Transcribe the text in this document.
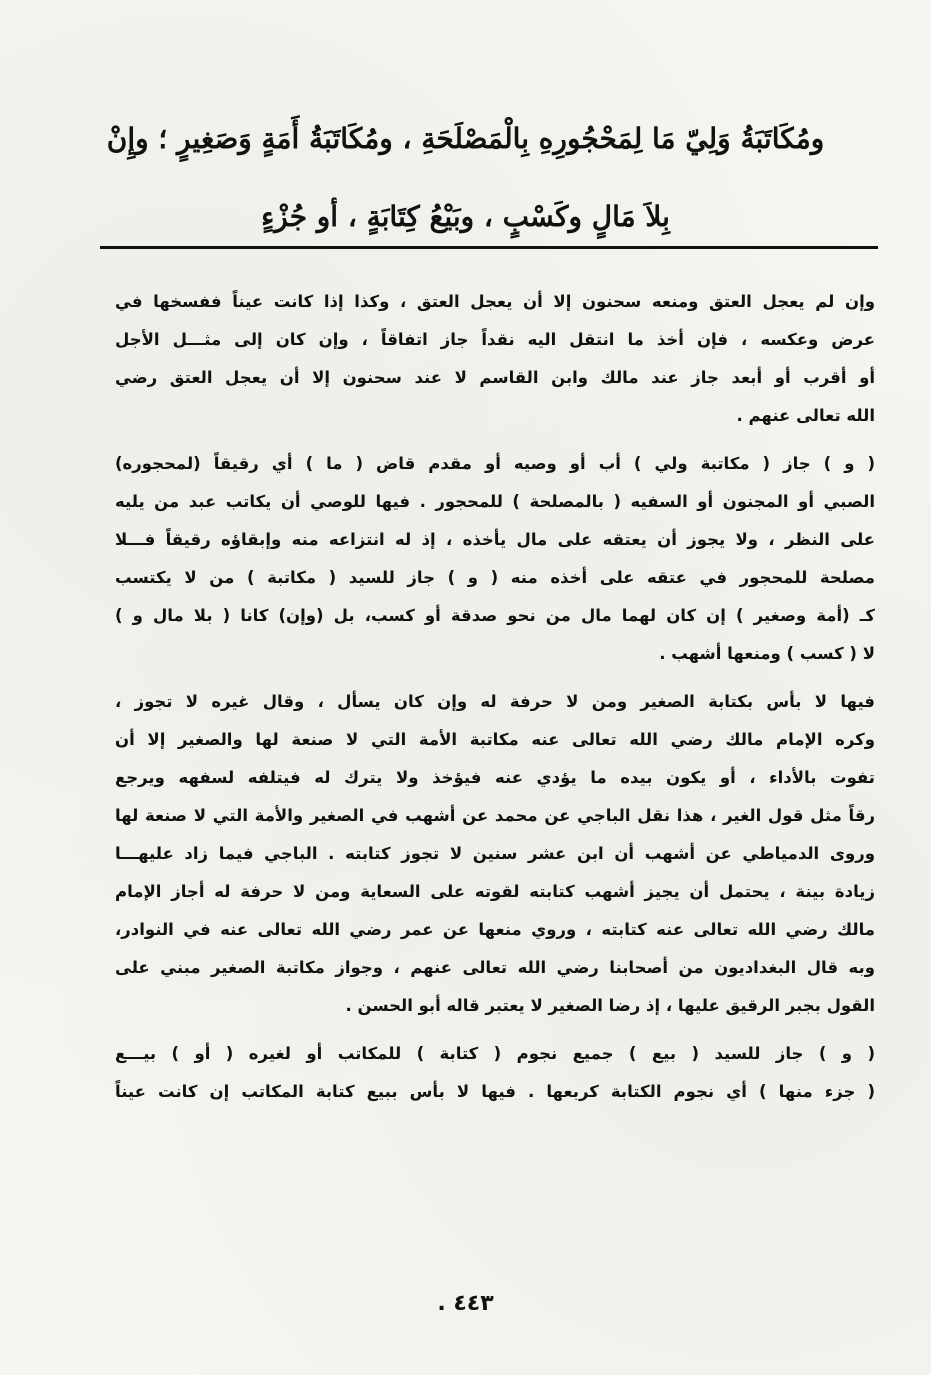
ومُكَاتَبَةُ وَلِيّ مَا لِمَحْجُورِهِ بِالْمَصْلَحَةِ ، ومُكَاتَبَةُ أَمَةٍ وَصَغِيرٍ ؛ وإِنْ
بِلاَ مَالٍ وكَسْبٍ ، وبَيْعُ كِتَابَةٍ ، أو جُزْءٍ
وإن لم يعجل العتق ومنعه سحنون إلا أن يعجل العتق ، وكذا إذا كانت عيناً ففسخها في
عرض وعكسه ، فإن أخذ ما انتقل اليه نقداً جاز اتفاقاً ، وإن كان إلى مثـــل الأجل
أو أقرب أو أبعد جاز عند مالك وابن القاسم لا عند سحنون إلا أن يعجل العتق رضي
الله تعالى عنهم .
( و ) جاز ( مكاتبة ولي ) أب أو وصيه أو مقدم قاض ( ما ) أي رقيقاً (لمحجوره)
الصبي أو المجنون أو السفيه ( بالمصلحة ) للمحجور . فيها للوصي أن يكاتب عبد من يليه
على النظر ، ولا يجوز أن يعتقه على مال يأخذه ، إذ له انتزاعه منه وإبقاؤه رقيقاً فـــلا
مصلحة للمحجور في عتقه على أخذه منه ( و ) جاز للسيد ( مكاتبة ) من لا يكتسب
كـ (أمة وصغير ) إن كان لهما مال من نحو صدقة أو كسب، بل (وإن) كانا ( بلا مال و )
لا ( كسب ) ومنعها أشهب .
فيها لا بأس بكتابة الصغير ومن لا حرفة له وإن كان يسأل ، وقال غيره لا تجوز ،
وكره الإمام مالك رضي الله تعالى عنه مكاتبة الأمة التي لا صنعة لها والصغير إلا أن
تفوت بالأداء ، أو يكون بيده ما يؤدي عنه فيؤخذ ولا يترك له فيتلفه لسفهه ويرجع
رقاً مثل قول الغير ، هذا نقل الباجي عن محمد عن أشهب في الصغير والأمة التي لا صنعة لها
وروى الدمياطي عن أشهب أن ابن عشر سنين لا تجوز كتابته . الباجي فيما زاد عليهـــا
زيادة بينة ، يحتمل أن يجيز أشهب كتابته لقوته على السعاية ومن لا حرفة له أجاز الإمام
مالك رضي الله تعالى عنه كتابته ، وروي منعها عن عمر رضي الله تعالى عنه في النوادر،
وبه قال البغداديون من أصحابنا رضي الله تعالى عنهم ، وجواز مكاتبة الصغير مبني على
القول بجبر الرقيق عليها ، إذ رضا الصغير لا يعتبر قاله أبو الحسن .
( و ) جاز للسيد ( بيع ) جميع نجوم ( كتابة ) للمكاتب أو لغيره ( أو ) بيـــع
( جزء منها ) أي نجوم الكتابة كربعها . فيها لا بأس ببيع كتابة المكاتب إن كانت عيناً
٤٤٣ .
